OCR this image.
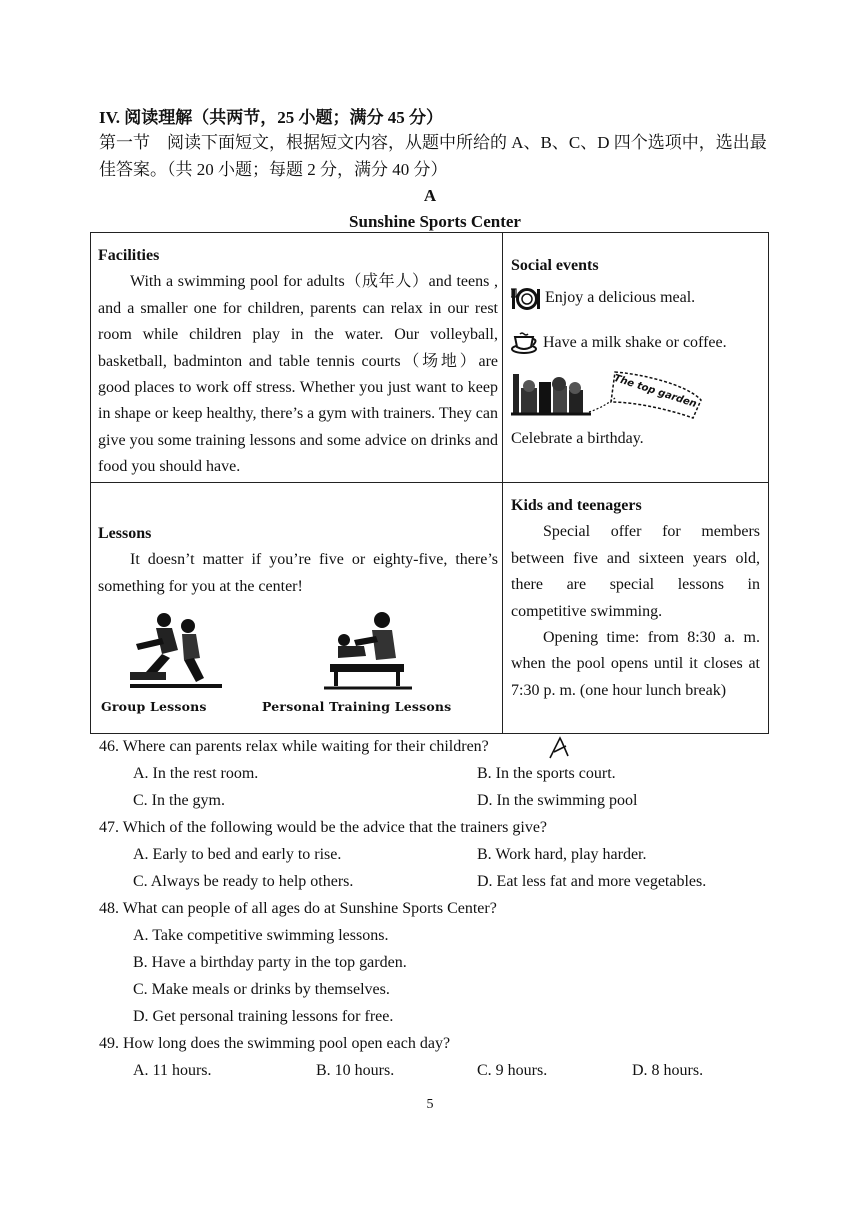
IV. 阅读理解（共两节，25 小题；满分 45 分）
第一节　阅读下面短文，根据短文内容，从题中所给的 A、B、C、D 四个选项中，选出最佳答案。（共 20 小题；每题 2 分，满分 40 分）
A
Sunshine Sports Center
Facilities
With a swimming pool for adults（成年人）and teens , and a smaller one for children, parents can relax in our rest room while children play in the water. Our volleyball, basketball, badminton and table tennis courts（场地）are good places to work off stress. Whether you just want to keep in shape or keep healthy, there’s a gym with trainers. They can give you some training lessons and some advice on drinks and food you should have.
Social events
Enjoy a delicious meal.
Have a milk shake or coffee.
The top garden
Celebrate a birthday.
Lessons
It doesn’t matter if you’re five or eighty-five, there’s something for you at the center!
Group Lessons	Personal Training Lessons
Kids and teenagers
Special offer for members between five and sixteen years old, there are special lessons in competitive swimming.
Opening time: from 8:30 a. m. when the pool opens until it closes at 7:30 p. m. (one hour lunch break)
46. Where can parents relax while waiting for their children?
A. In the rest room.	B. In the sports court.
C. In the gym.	D. In the swimming pool
47. Which of the following would be the advice that the trainers give?
A. Early to bed and early to rise.	B. Work hard, play harder.
C. Always be ready to help others.	D. Eat less fat and more vegetables.
48. What can people of all ages do at Sunshine Sports Center?
A. Take competitive swimming lessons.
B. Have a birthday party in the top garden.
C. Make meals or drinks by themselves.
D. Get personal training lessons for free.
49. How long does the swimming pool open each day?
A. 11 hours.	B. 10 hours.	C. 9 hours.	D. 8 hours.
5
